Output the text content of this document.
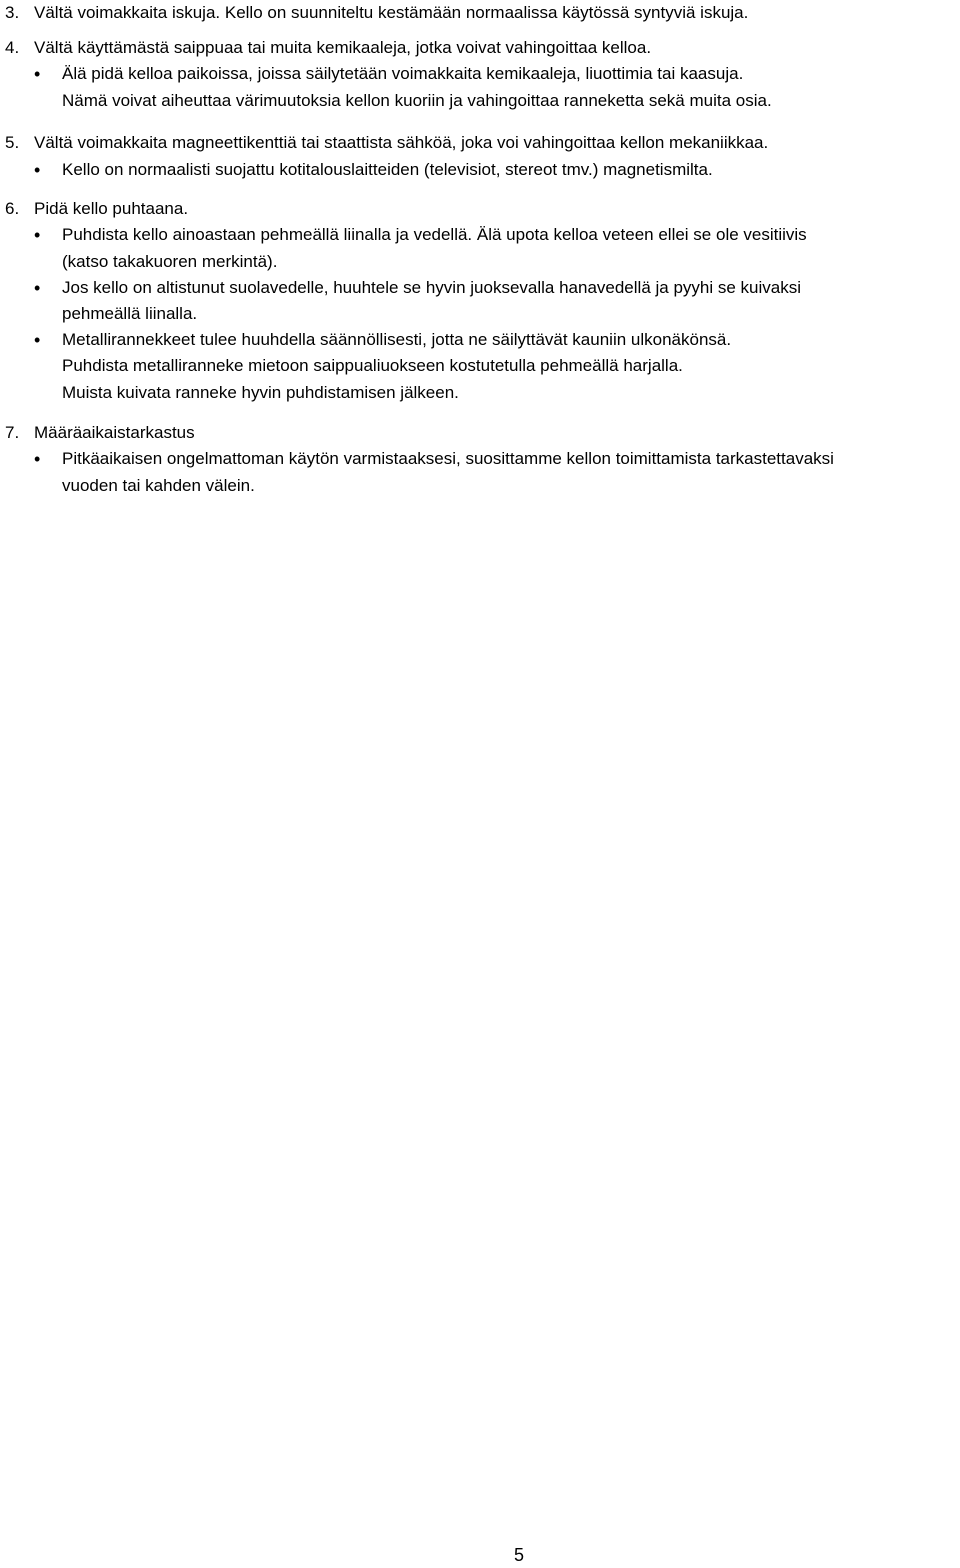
3. Vältä voimakkaita iskuja. Kello on suunniteltu kestämään normaalissa käytössä syntyviä iskuja.
4. Vältä käyttämästä saippuaa tai muita kemikaaleja, jotka voivat vahingoittaa kelloa.
• Älä pidä kelloa paikoissa, joissa säilytetään voimakkaita kemikaaleja, liuottimia tai kaasuja.
Nämä voivat aiheuttaa värimuutoksia kellon kuoriin ja vahingoittaa ranneketta sekä muita osia.
5. Vältä voimakkaita magneettikenttiä tai staattista sähköä, joka voi vahingoittaa kellon mekaniikkaa.
• Kello on normaalisti suojattu kotitalouslaitteiden (televisiot, stereot tmv.) magnetismilta.
6. Pidä kello puhtaana.
• Puhdista kello ainoastaan pehmeällä liinalla ja vedellä. Älä upota kelloa veteen ellei se ole vesitiivis
(katso takakuoren merkintä).
• Jos kello on altistunut suolavedelle, huuhtele se hyvin juoksevalla hanavedellä ja pyyhi se kuivaksi
pehmeällä liinalla.
• Metallirannekkeet tulee huuhdella säännöllisesti, jotta ne säilyttävät kauniin ulkonäkönsä.
Puhdista metalliranneke mietoon saippualiuokseen kostutetulla pehmeällä harjalla.
Muista kuivata ranneke hyvin puhdistamisen jälkeen.
7. Määräaikaistarkastus
• Pitkäaikaisen ongelmattoman käytön varmistaaksesi, suosittamme kellon toimittamista tarkastettavaksi
vuoden tai kahden välein.
5
